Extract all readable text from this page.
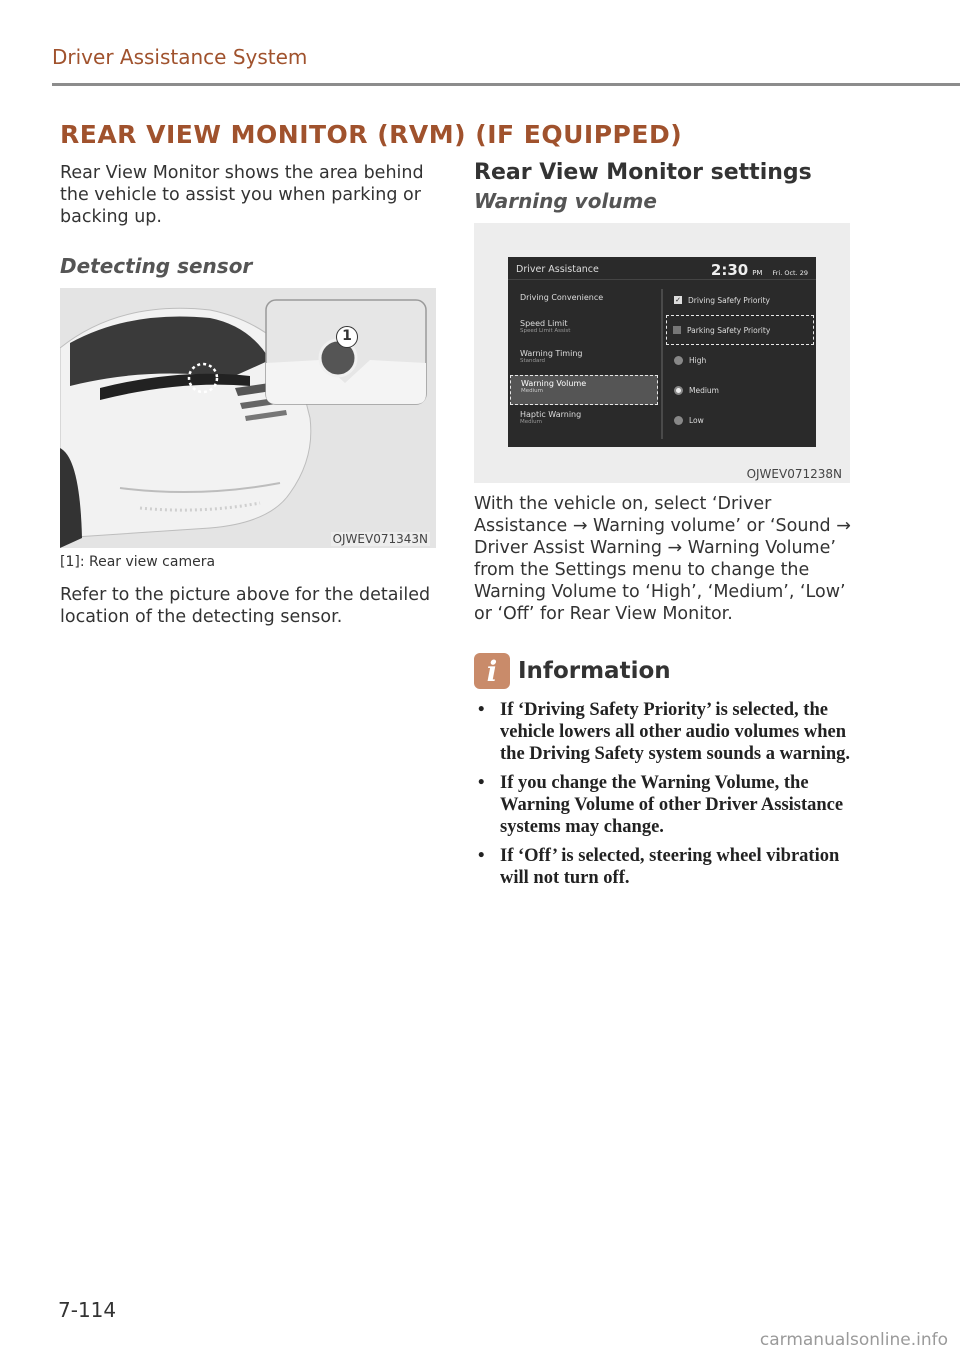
Driver Assistance System
REAR VIEW MONITOR (RVM) (IF EQUIPPED)

Rear View Monitor shows the area behind the vehicle to assist you when parking or backing up.

Detecting sensor
1
OJWEV071343N
[1]: Rear view camera

Refer to the picture above for the detailed location of the detecting sensor.

Rear View Monitor settings
Warning volume
Driver Assistance	2:30 PM Fri. Oct. 29
Driving Convenience
Speed Limit
Speed Limit Assist
Warning Timing
Standard
Warning Volume
Medium
Haptic Warning
Medium
✓ Driving Safefy Priority
Parking Safety Priority
High
Medium
Low
OJWEV071238N

With the vehicle on, select ‘Driver Assistance → Warning volume’ or ‘Sound → Driver Assist Warning → Warning Volume’ from the Settings menu to change the Warning Volume to ‘High’, ‘Medium’, ‘Low’ or ‘Off’ for Rear View Monitor.

i Information
• If ‘Driving Safety Priority’ is selected, the vehicle lowers all other audio volumes when the Driving Safety system sounds a warning.
• If you change the Warning Volume, the Warning Volume of other Driver Assistance systems may change.
• If ‘Off’ is selected, steering wheel vibration will not turn off.
7-114
carmanualsonline.info
